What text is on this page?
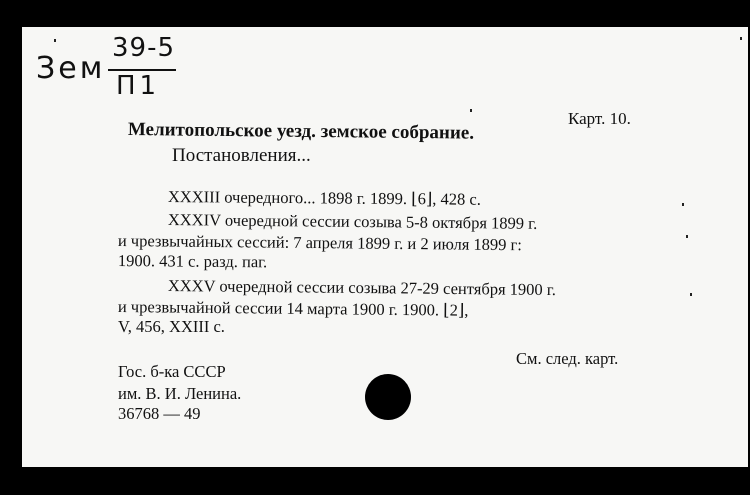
Зем
39-5
П1
Карт. 10.
Мелитопольское уезд. земское собрание.
Постановления...
XXXIII очередного... 1898 г. 1899. ⌊6⌋, 428 с.
XXXIV очередной сессии созыва 5-8 октября 1899 г.
и чрезвычайных сессий: 7 апреля 1899 г. и 2 июля 1899 г:
1900. 431 с. разд. паг.
XXXV очередной сессии созыва 27-29 сентября 1900 г.
и чрезвычайной сессии 14 марта 1900 г. 1900. ⌊2⌋,
V, 456, XXIII с.
См. след. карт.
Гос. б-ка СССР
им. В. И. Ленина.
36768 — 49
